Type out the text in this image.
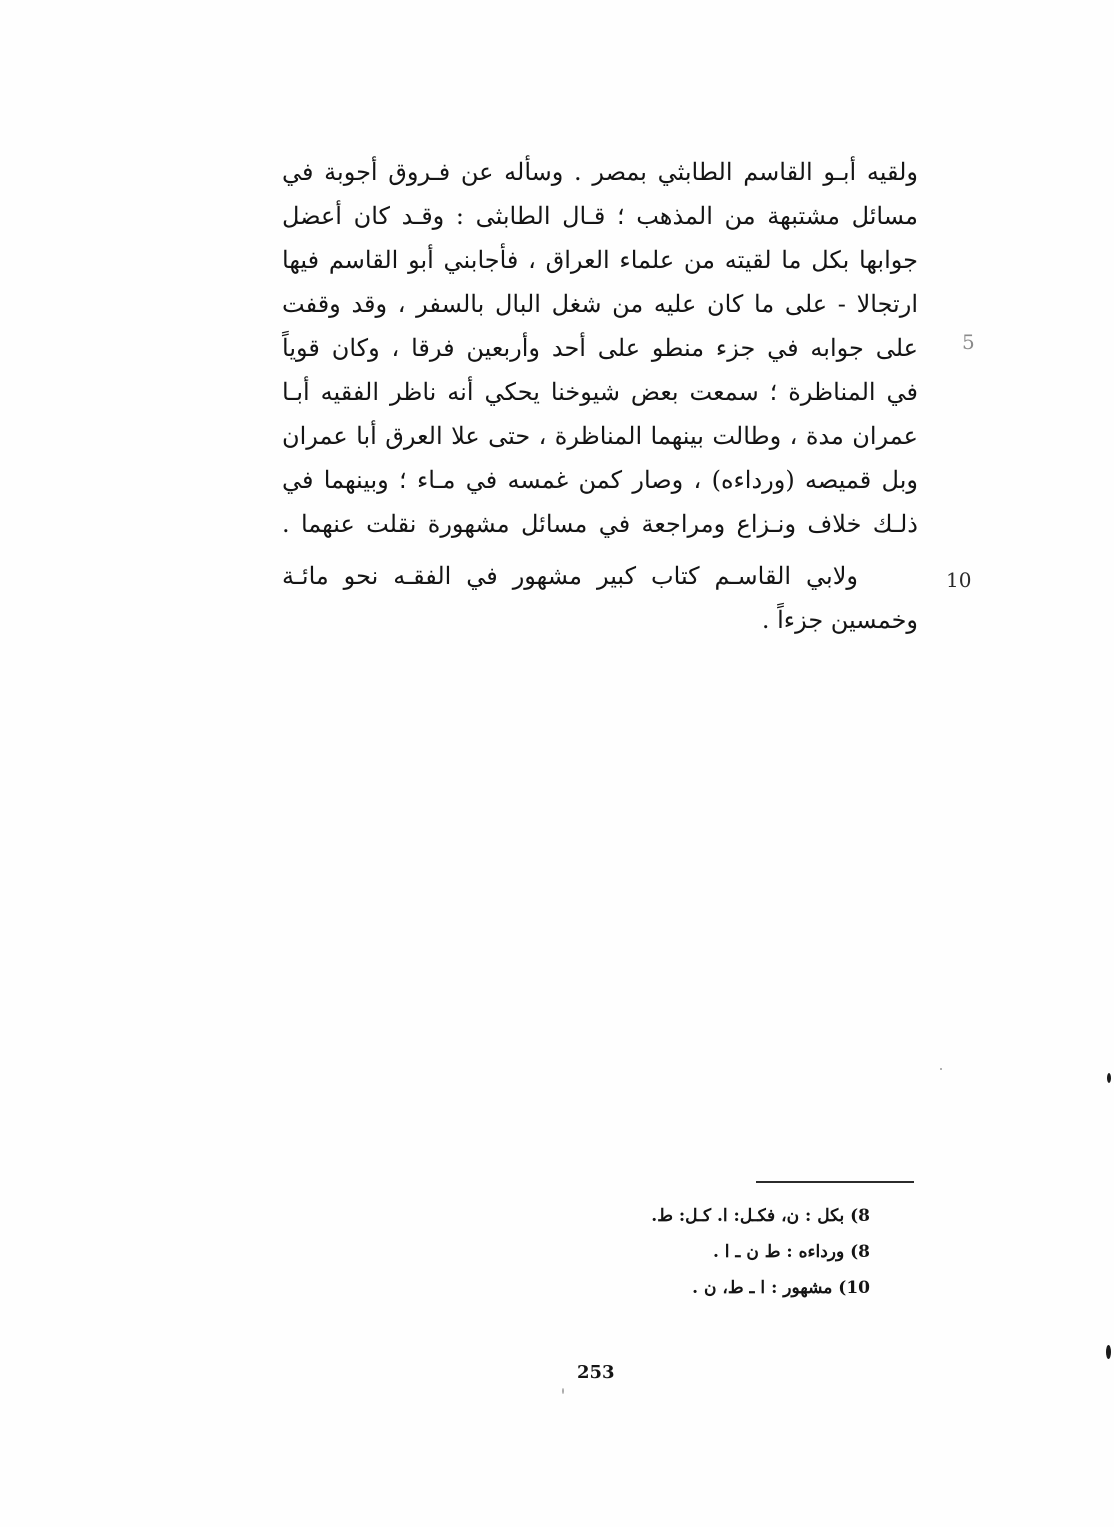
ولقيه أبـو القاسم الطابثي بمصر . وسأله عن فـروق أجوبة في
مسائل مشتبهة من المذهب ؛ قـال الطابثى : وقـد كان أعضل
جوابها بكل ما لقيته من علماء العراق ، فأجابني أبو القاسم فيها
ارتجالا - على ما كان عليه من شغل البال بالسفر ، وقد وقفت
على جوابه في جزء منطو على أحد وأربعين فرقا ، وكان قوياً
في المناظرة ؛ سمعت بعض شيوخنا يحكي أنه ناظر الفقيه أبـا
عمران مدة ، وطالت بينهما المناظرة ، حتى علا العرق أبا عمران
وبل قميصه (ورداءه) ، وصار كمن غمسه في مـاء ؛ وبينهما في
ذلـك خلاف ونـزاع ومراجعة في مسائل مشهورة نقلت عنهما .
ولابي القاسـم كتاب كبير مشهور في الفقـه نحو مائـة
وخمسين جزءاً .
5
10
8) بكل : ن، فكـل: ا. كـل: ط.
8) ورداءه : ط ن ـ ا .
10) مشهور : ا ـ ط، ن .
253
